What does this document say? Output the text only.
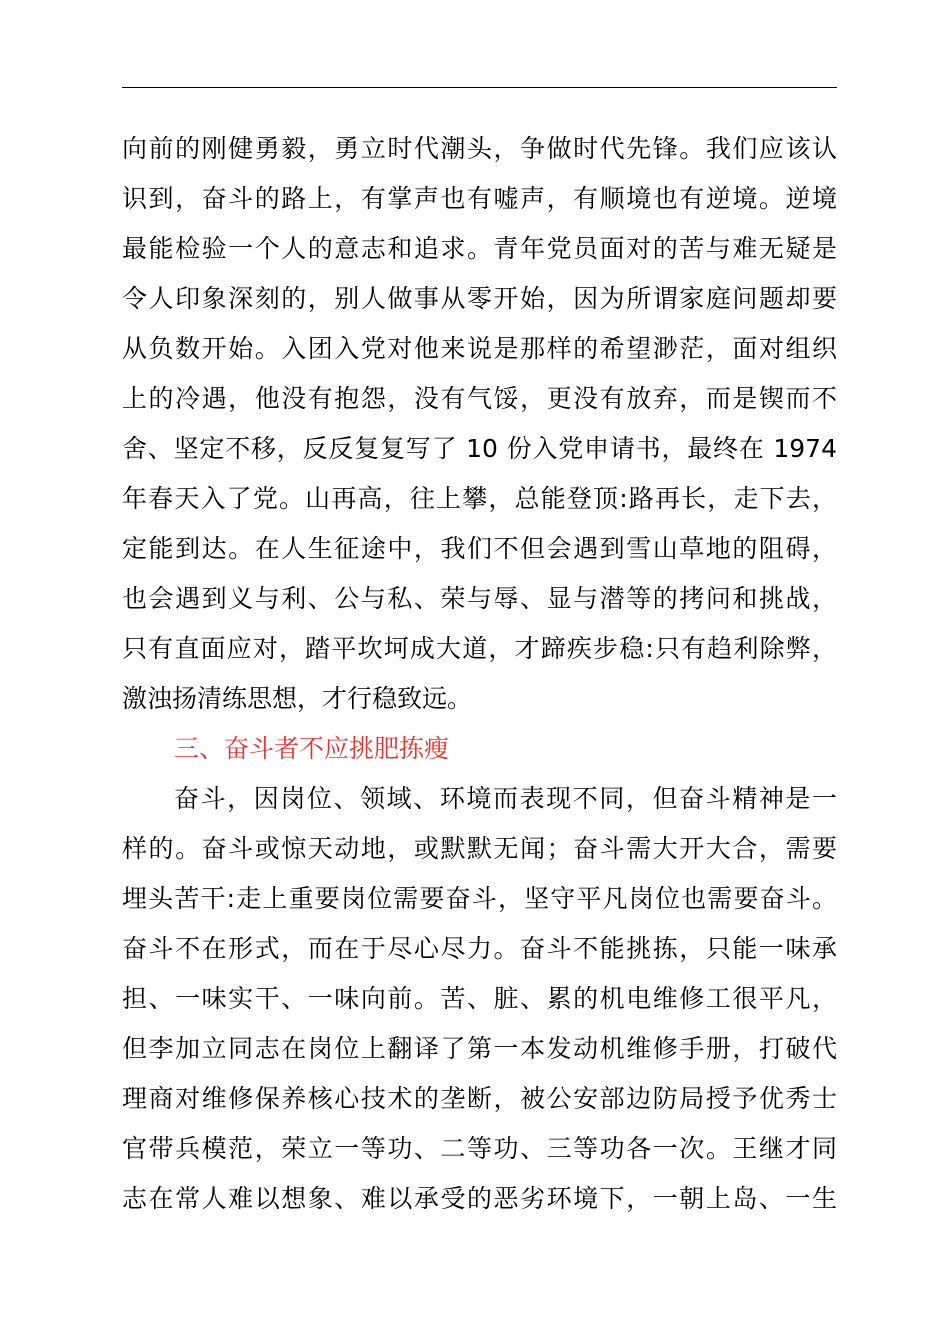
向前的刚健勇毅，勇立时代潮头，争做时代先锋。我们应该认
识到，奋斗的路上，有掌声也有嘘声，有顺境也有逆境。逆境
最能检验一个人的意志和追求。青年党员面对的苦与难无疑是
令人印象深刻的，别人做事从零开始，因为所谓家庭问题却要
从负数开始。入团入党对他来说是那样的希望渺茫，面对组织
上的冷遇，他没有抱怨，没有气馁，更没有放弃，而是锲而不
舍、坚定不移，反反复复写了 10 份入党申请书，最终在 1974
年春天入了党。山再高，往上攀，总能登顶:路再长，走下去，
定能到达。在人生征途中，我们不但会遇到雪山草地的阻碍，
也会遇到义与利、公与私、荣与辱、显与潜等的拷问和挑战，
只有直面应对，踏平坎坷成大道，才蹄疾步稳:只有趋利除弊，
激浊扬清练思想，才行稳致远。
三、奋斗者不应挑肥拣瘦
奋斗，因岗位、领域、环境而表现不同，但奋斗精神是一
样的。奋斗或惊天动地，或默默无闻；奋斗需大开大合，需要
埋头苦干:走上重要岗位需要奋斗，坚守平凡岗位也需要奋斗。
奋斗不在形式，而在于尽心尽力。奋斗不能挑拣，只能一味承
担、一味实干、一味向前。苦、脏、累的机电维修工很平凡，
但李加立同志在岗位上翻译了第一本发动机维修手册，打破代
理商对维修保养核心技术的垄断，被公安部边防局授予优秀士
官带兵模范，荣立一等功、二等功、三等功各一次。王继才同
志在常人难以想象、难以承受的恶劣环境下，一朝上岛、一生
